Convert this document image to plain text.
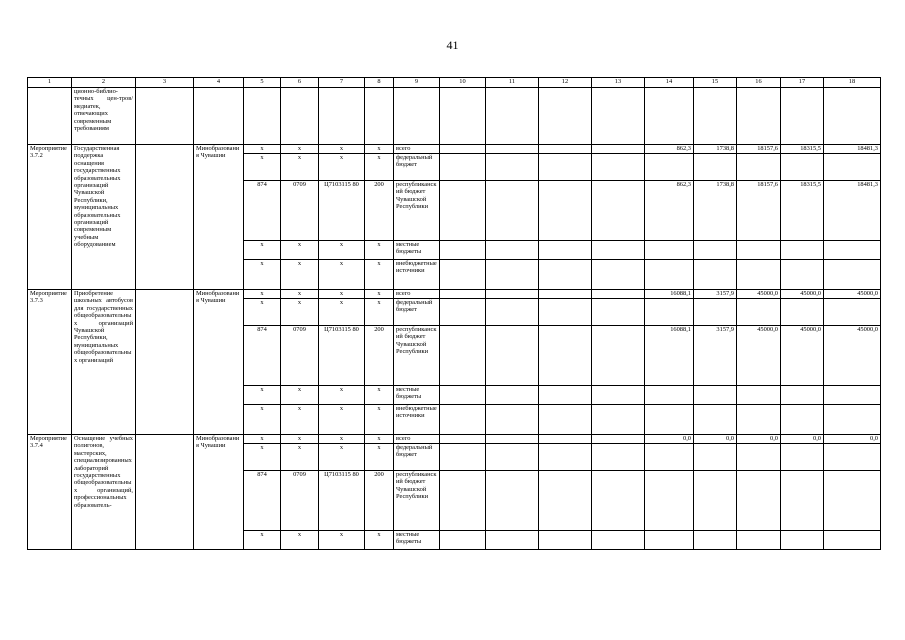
41
1	2	3	4	5	6	7	8	9	10	11	12	13	14	15	16	17	18
	ционно-библио-течных цен-тров/медиатек, отвечающих современным требованиям																
Мероприятие 3.7.2	Государственная поддержка оснащения государственных образовательных организаций Чувашской Республики, муниципальных образовательных организаций современным учебным оборудованием		Минобразования Чувашии	x	x	x	x	всего					862,3	1738,8	18157,6	18315,5	18481,3
				x	x	x	x	федеральный бюджет									
				874	0709	Ц7103115 80	200	республиканский бюджет Чувашской Республики					862,3	1738,8	18157,6	18315,5	18481,3
				x	x	x	x	местные бюджеты									
				x	x	x	x	внебюджетные источники									
Мероприятие 3.7.3	Приобретение школьных автобусов для государственных общеобразовательных организаций Чувашской Республики, муниципальных общеобразовательных организаций		Минобразования Чувашии	x	x	x	x	всего					16088,1	3157,9	45000,0	45000,0	45000,0
				x	x	x	x	федеральный бюджет									
				874	0709	Ц7103115 80	200	республиканский бюджет Чувашской Республики					16088,1	3157,9	45000,0	45000,0	45000,0
				x	x	x	x	местные бюджеты									
				x	x	x	x	внебюджетные источники									
Мероприятие 3.7.4	Оснащение учебных полигонов, мастерских, специализированных лабораторий государственных общеобразовательных организаций, профессиональных образователь-		Минобразования Чувашии	x	x	x	x	всего					0,0	0,0	0,0	0,0	0,0
				x	x	x	x	федеральный бюджет									
				874	0709	Ц7103115 80	200	республиканский бюджет Чувашской Республики									
				x	x	x	x	местные бюджеты									
